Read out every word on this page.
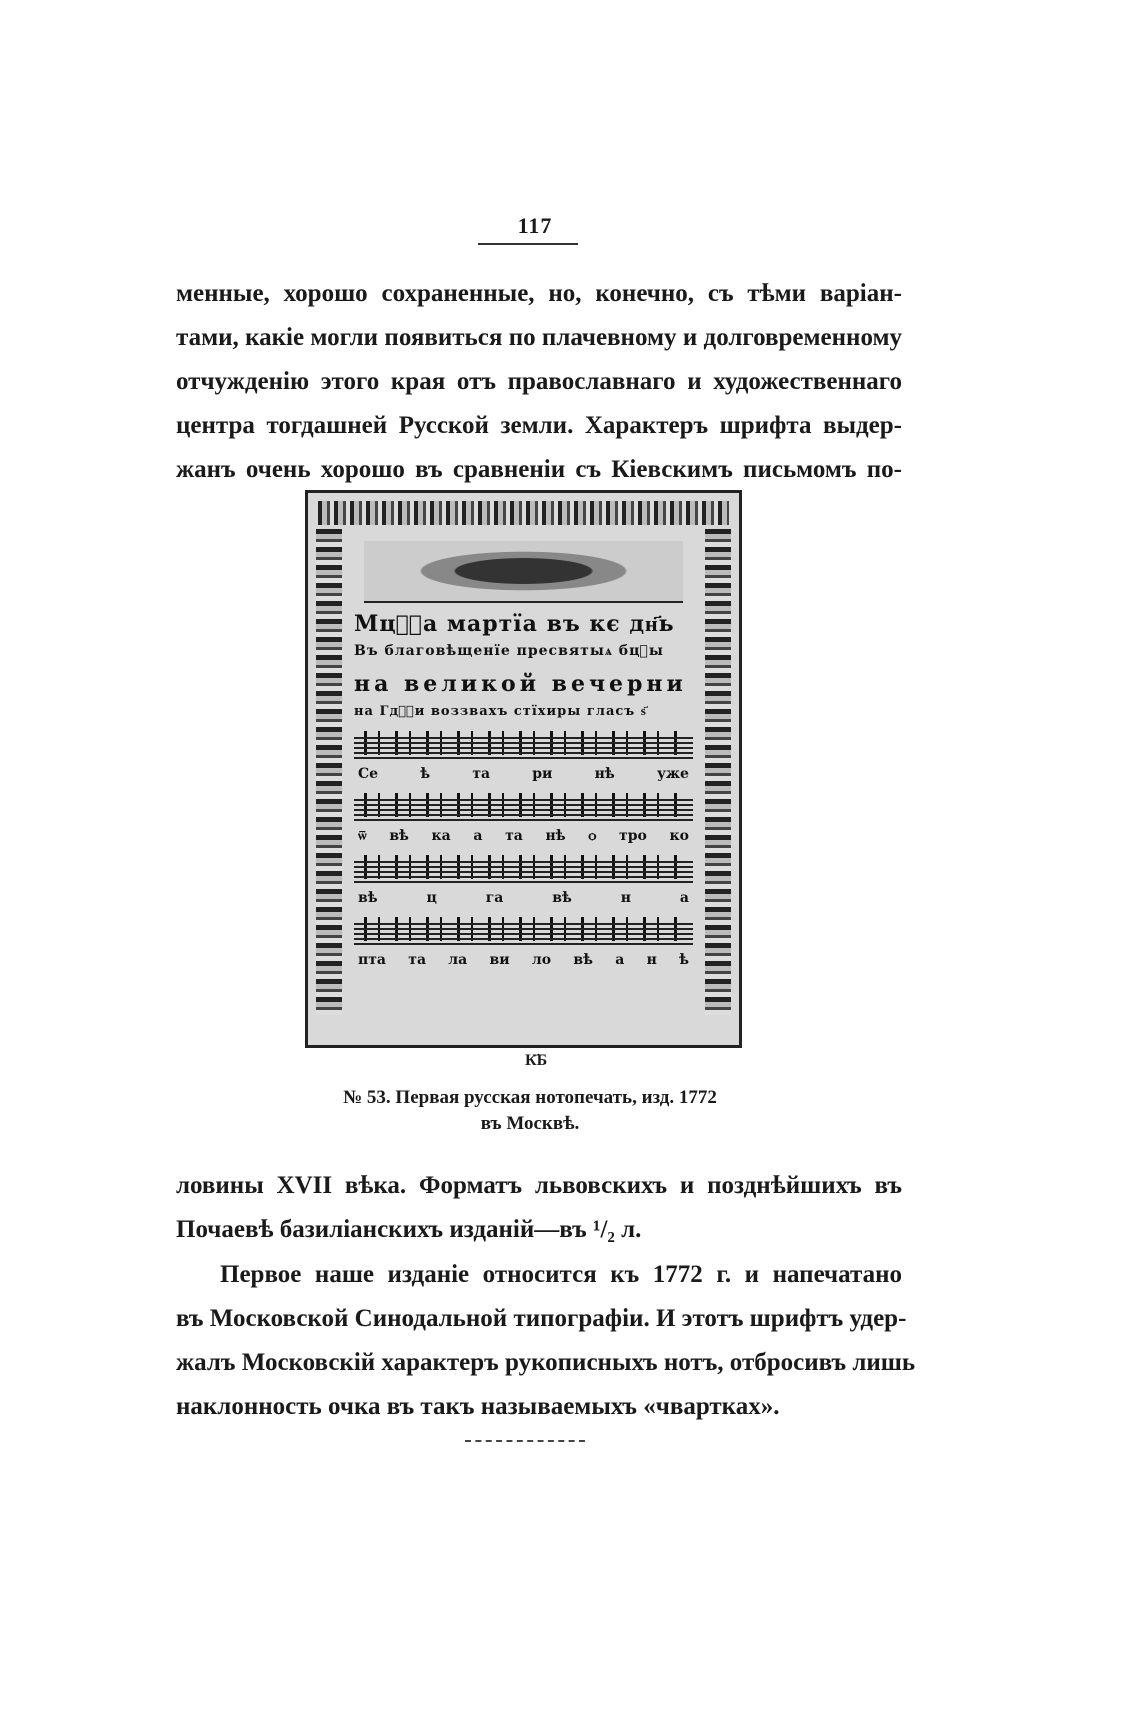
117
менные, хорошо сохраненные, но, конечно, съ тѣми варіан-
тами, какіе могли появиться по плачевному и долговременному
отчужденію этого края отъ православнаго и художественнаго
центра тогдашней Русской земли. Характеръ шрифта выдер-
жанъ очень хорошо въ сравненіи съ Кіевскимъ письмомъ по-
Мцⷭ҇а мартїа въ кє дн҃ь
Въ благовѣщенїе пресвятыѧ бцⷣы
на великой вечерни
на Гдⷭ҇и воззвахъ стїхиры гласъ ѕ҃
Се	ѣ	та	ри	нѣ	уже
ѿ вѣ ка а та нѣ ѻ тро ко
вѣ	ц	га	вѣ	н	а
пта та ла ви ло вѣ а н ѣ
К҃Б
№ 53. Первая русская нотопечать, изд. 1772
въ Москвѣ.
ловины XVII вѣка. Форматъ львовскихъ и позднѣйшихъ въ
Почаевѣ базиліанскихъ изданій—въ ¹/₂ л.
Первое наше изданіе относится къ 1772 г. и напечатано
въ Московской Синодальной типографіи. И этотъ шрифтъ удер-
жалъ Московскій характеръ рукописныхъ нотъ, отбросивъ лишь
наклонность очка въ такъ называемыхъ «чвартках».
